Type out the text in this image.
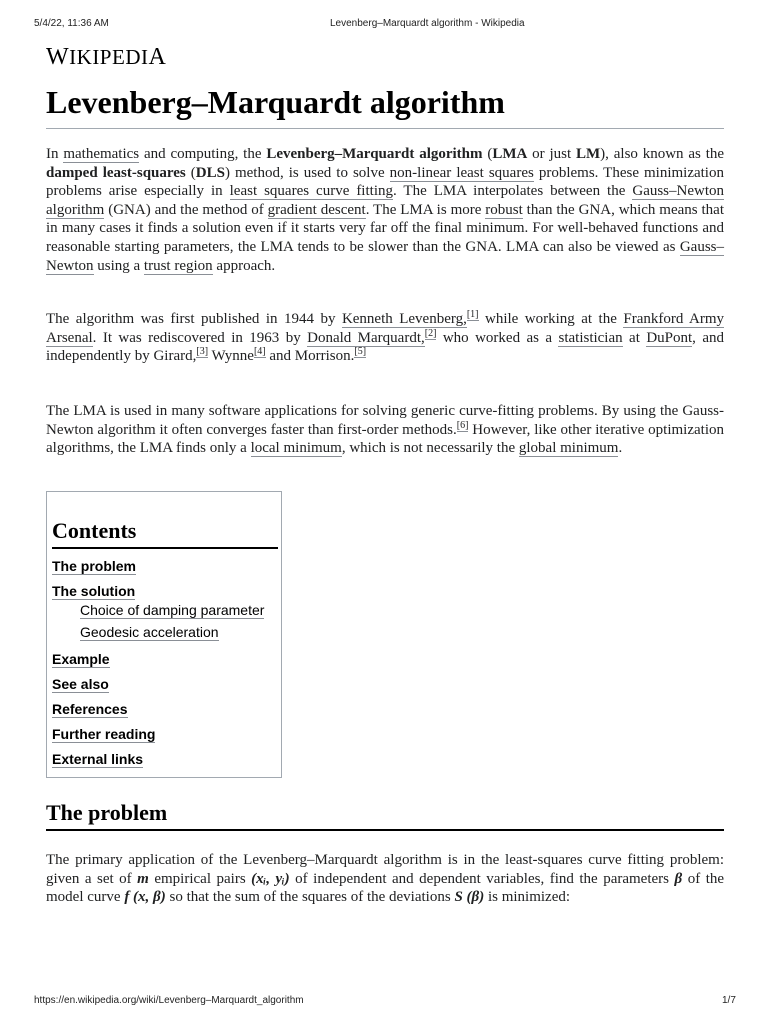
5/4/22, 11:36 AM	Levenberg–Marquardt algorithm - Wikipedia
WIKIPEDIA
Levenberg–Marquardt algorithm

In mathematics and computing, the Levenberg–Marquardt algorithm (LMA or just LM), also known as the damped least-squares (DLS) method, is used to solve non-linear least squares problems. These minimization problems arise especially in least squares curve fitting. The LMA interpolates between the Gauss–Newton algorithm (GNA) and the method of gradient descent. The LMA is more robust than the GNA, which means that in many cases it finds a solution even if it starts very far off the final minimum. For well-behaved functions and reasonable starting parameters, the LMA tends to be slower than the GNA. LMA can also be viewed as Gauss–Newton using a trust region approach.

The algorithm was first published in 1944 by Kenneth Levenberg,[1] while working at the Frankford Army Arsenal. It was rediscovered in 1963 by Donald Marquardt,[2] who worked as a statistician at DuPont, and independently by Girard,[3] Wynne[4] and Morrison.[5]

The LMA is used in many software applications for solving generic curve-fitting problems. By using the Gauss-Newton algorithm it often converges faster than first-order methods.[6] However, like other iterative optimization algorithms, the LMA finds only a local minimum, which is not necessarily the global minimum.

Contents
The problem
The solution
Choice of damping parameter
Geodesic acceleration
Example
See also
References
Further reading
External links
The problem

The primary application of the Levenberg–Marquardt algorithm is in the least-squares curve fitting problem: given a set of m empirical pairs (xᵢ, yᵢ) of independent and dependent variables, find the parameters β of the model curve f (x, β) so that the sum of the squares of the deviations S (β) is minimized:

https://en.wikipedia.org/wiki/Levenberg–Marquardt_algorithm	1/7
